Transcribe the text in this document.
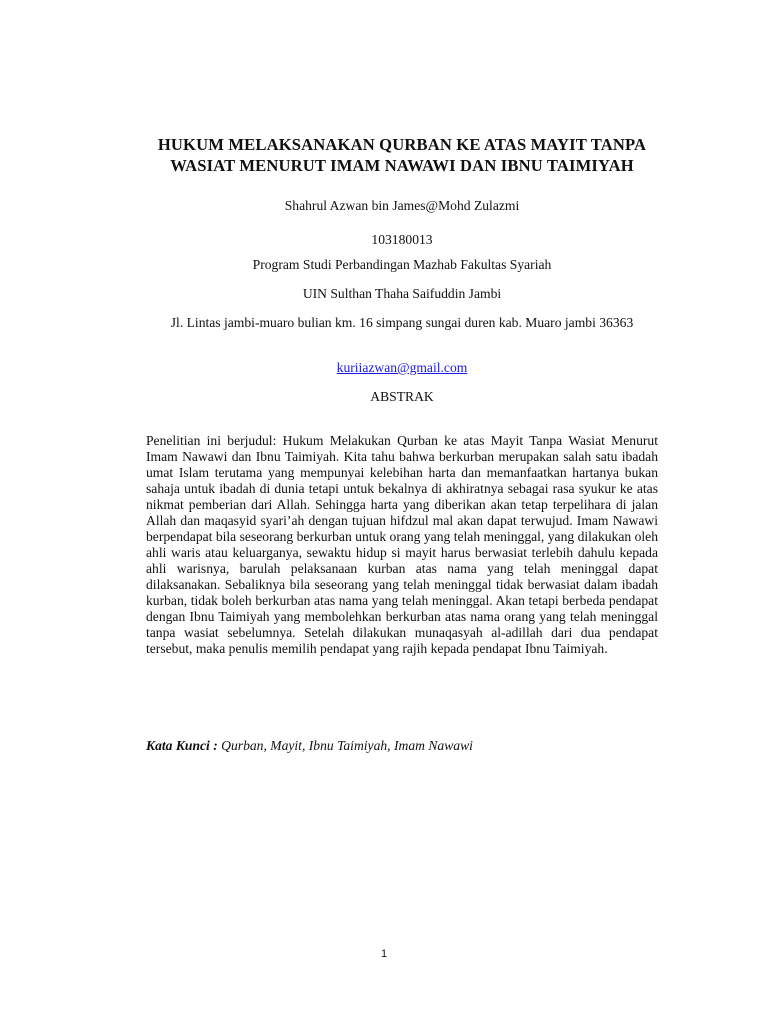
HUKUM MELAKSANAKAN QURBAN KE ATAS MAYIT TANPA WASIAT MENURUT IMAM NAWAWI DAN IBNU TAIMIYAH
Shahrul Azwan bin James@Mohd Zulazmi
103180013
Program Studi Perbandingan Mazhab Fakultas Syariah
UIN Sulthan Thaha Saifuddin Jambi
Jl. Lintas jambi-muaro bulian km. 16 simpang sungai duren kab. Muaro jambi 36363
kuriiazwan@gmail.com
ABSTRAK
Penelitian ini berjudul: Hukum Melakukan Qurban ke atas Mayit Tanpa Wasiat Menurut Imam Nawawi dan Ibnu Taimiyah. Kita tahu bahwa berkurban merupakan salah satu ibadah umat Islam terutama yang mempunyai kelebihan harta dan memanfaatkan hartanya bukan sahaja untuk ibadah di dunia tetapi untuk bekalnya di akhiratnya sebagai rasa syukur ke atas nikmat pemberian dari Allah. Sehingga harta yang diberikan akan tetap terpelihara di jalan Allah dan maqasyid syari’ah dengan tujuan hifdzul mal akan dapat terwujud. Imam Nawawi berpendapat bila seseorang berkurban untuk orang yang telah meninggal, yang dilakukan oleh ahli waris atau keluarganya, sewaktu hidup si mayit harus berwasiat terlebih dahulu kepada ahli warisnya, barulah pelaksanaan kurban atas nama yang telah meninggal dapat dilaksanakan. Sebaliknya bila seseorang yang telah meninggal tidak berwasiat dalam ibadah kurban, tidak boleh berkurban atas nama yang telah meninggal. Akan tetapi berbeda pendapat dengan Ibnu Taimiyah yang membolehkan berkurban atas nama orang yang telah meninggal tanpa wasiat sebelumnya. Setelah dilakukan munaqasyah al-adillah dari dua pendapat tersebut, maka penulis memilih pendapat yang rajih kepada pendapat Ibnu Taimiyah.
Kata Kunci : Qurban, Mayit, Ibnu Taimiyah, Imam Nawawi
1
